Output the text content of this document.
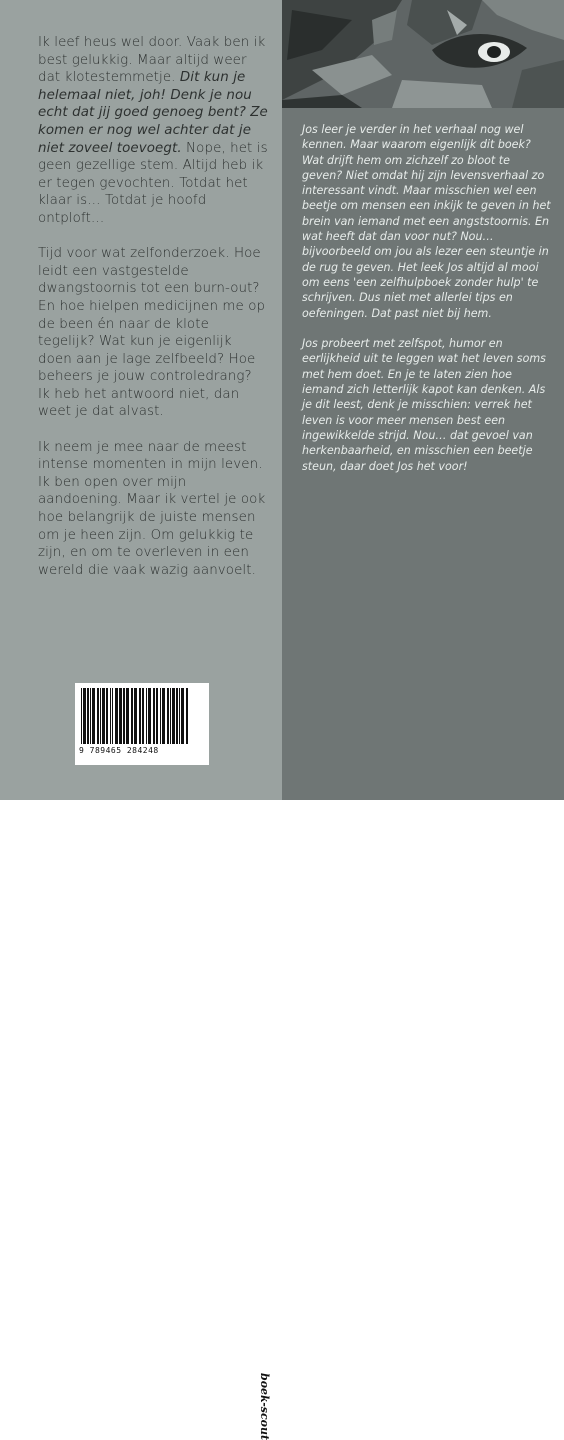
Ik leef heus wel door. Vaak ben ik best gelukkig. Maar altijd weer dat klotestemmetje. Dit kun je helemaal niet, joh! Denk je nou echt dat jij goed genoeg bent? Ze komen er nog wel achter dat je niet zoveel toevoegt. Nope, het is geen gezellige stem. Altijd heb ik er tegen gevochten. Totdat het klaar is… Totdat je hoofd ontploft…

Tijd voor wat zelfonderzoek. Hoe leidt een vastgestelde dwangstoornis tot een burn-out? En hoe hielpen medicijnen me op de been én naar de klote tegelijk? Wat kun je eigenlijk doen aan je lage zelfbeeld? Hoe beheers je jouw controledrang? Ik heb het antwoord niet, dan weet je dat alvast.

Ik neem je mee naar de meest intense momenten in mijn leven. Ik ben open over mijn aandoening. Maar ik vertel je ook hoe belangrijk de juiste mensen om je heen zijn. Om gelukkig te zijn, en om te overleven in een wereld die vaak wazig aanvoelt.

9 789465 284248
boek-scout

Jos leer je verder in het verhaal nog wel kennen. Maar waarom eigenlijk dit boek? Wat drijft hem om zichzelf zo bloot te geven? Niet omdat hij zijn levensverhaal zo interessant vindt. Maar misschien wel een beetje om mensen een inkijk te geven in het brein van iemand met een angststoornis. En wat heeft dat dan voor nut? Nou… bijvoorbeeld om jou als lezer een steuntje in de rug te geven. Het leek Jos altijd al mooi om eens 'een zelfhulpboek zonder hulp' te schrijven. Dus niet met allerlei tips en oefeningen. Dat past niet bij hem.

Jos probeert met zelfspot, humor en eerlijkheid uit te leggen wat het leven soms met hem doet. En je te laten zien hoe iemand zich letterlijk kapot kan denken. Als je dit leest, denk je misschien: verrek het leven is voor meer mensen best een ingewikkelde strijd. Nou… dat gevoel van herkenbaarheid, en misschien een beetje steun, daar doet Jos het voor!
